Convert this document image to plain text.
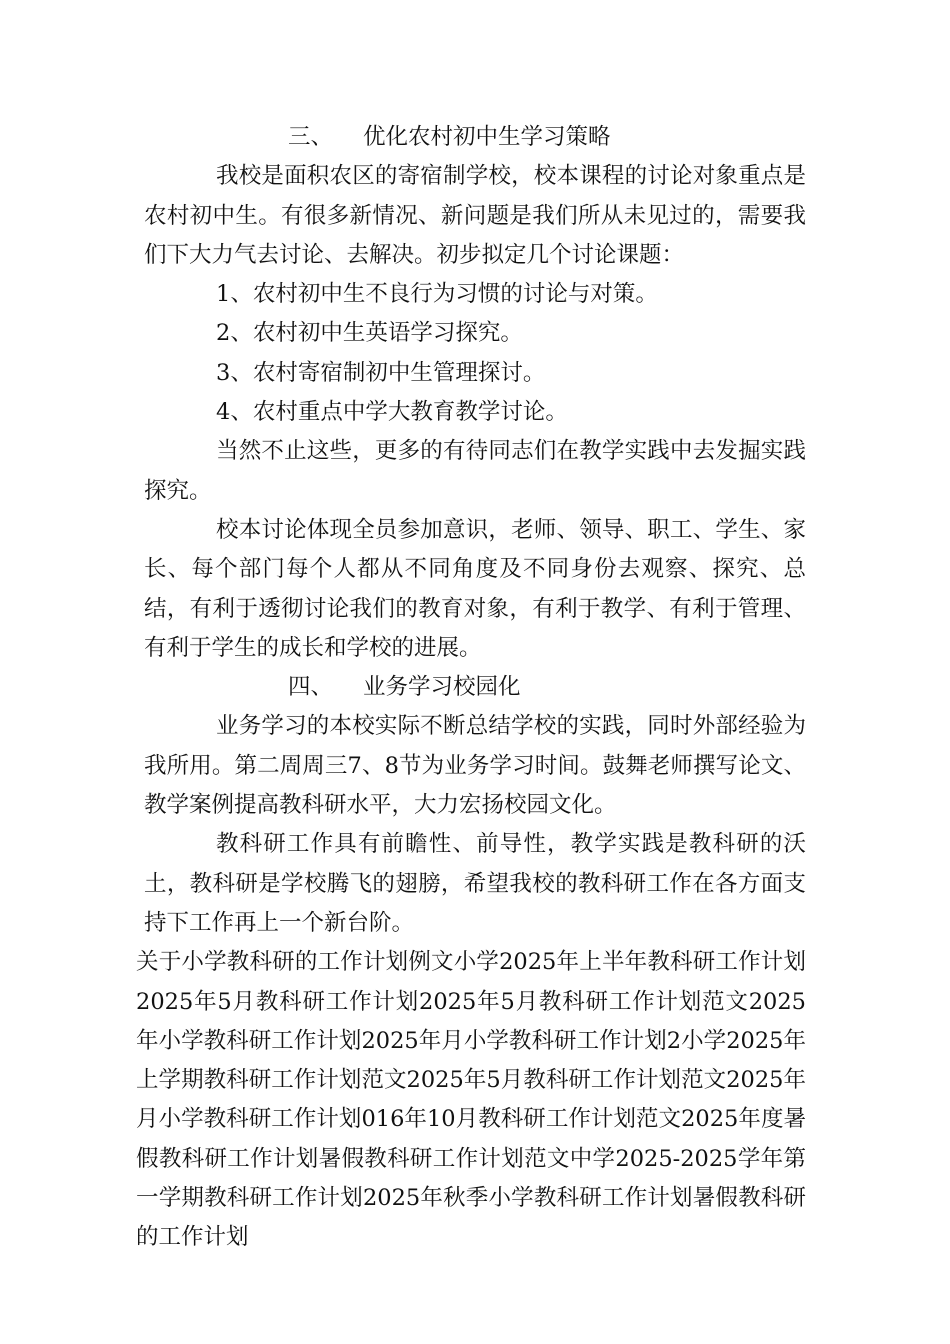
三、 优化农村初中生学习策略

我校是面积农区的寄宿制学校，校本课程的讨论对象重点是农村初中生。有很多新情况、新问题是我们所从未见过的，需要我们下大力气去讨论、去解决。初步拟定几个讨论课题：

1、农村初中生不良行为习惯的讨论与对策。

2、农村初中生英语学习探究。

3、农村寄宿制初中生管理探讨。

4、农村重点中学大教育教学讨论。

当然不止这些，更多的有待同志们在教学实践中去发掘实践探究。

校本讨论体现全员参加意识，老师、领导、职工、学生、家长、每个部门每个人都从不同角度及不同身份去观察、探究、总结，有利于透彻讨论我们的教育对象，有利于教学、有利于管理、有利于学生的成长和学校的进展。

四、 业务学习校园化

业务学习的本校实际不断总结学校的实践，同时外部经验为我所用。第二周周三7、8节为业务学习时间。鼓舞老师撰写论文、教学案例提高教科研水平，大力宏扬校园文化。

教科研工作具有前瞻性、前导性，教学实践是教科研的沃土，教科研是学校腾飞的翅膀，希望我校的教科研工作在各方面支持下工作再上一个新台阶。

关于小学教科研的工作计划例文小学2025年上半年教科研工作计划2025年5月教科研工作计划2025年5月教科研工作计划范文2025年小学教科研工作计划2025年月小学教科研工作计划2小学2025年上学期教科研工作计划范文2025年5月教科研工作计划范文2025年月小学教科研工作计划016年10月教科研工作计划范文2025年度暑假教科研工作计划暑假教科研工作计划范文中学2025-2025学年第一学期教科研工作计划2025年秋季小学教科研工作计划暑假教科研的工作计划
